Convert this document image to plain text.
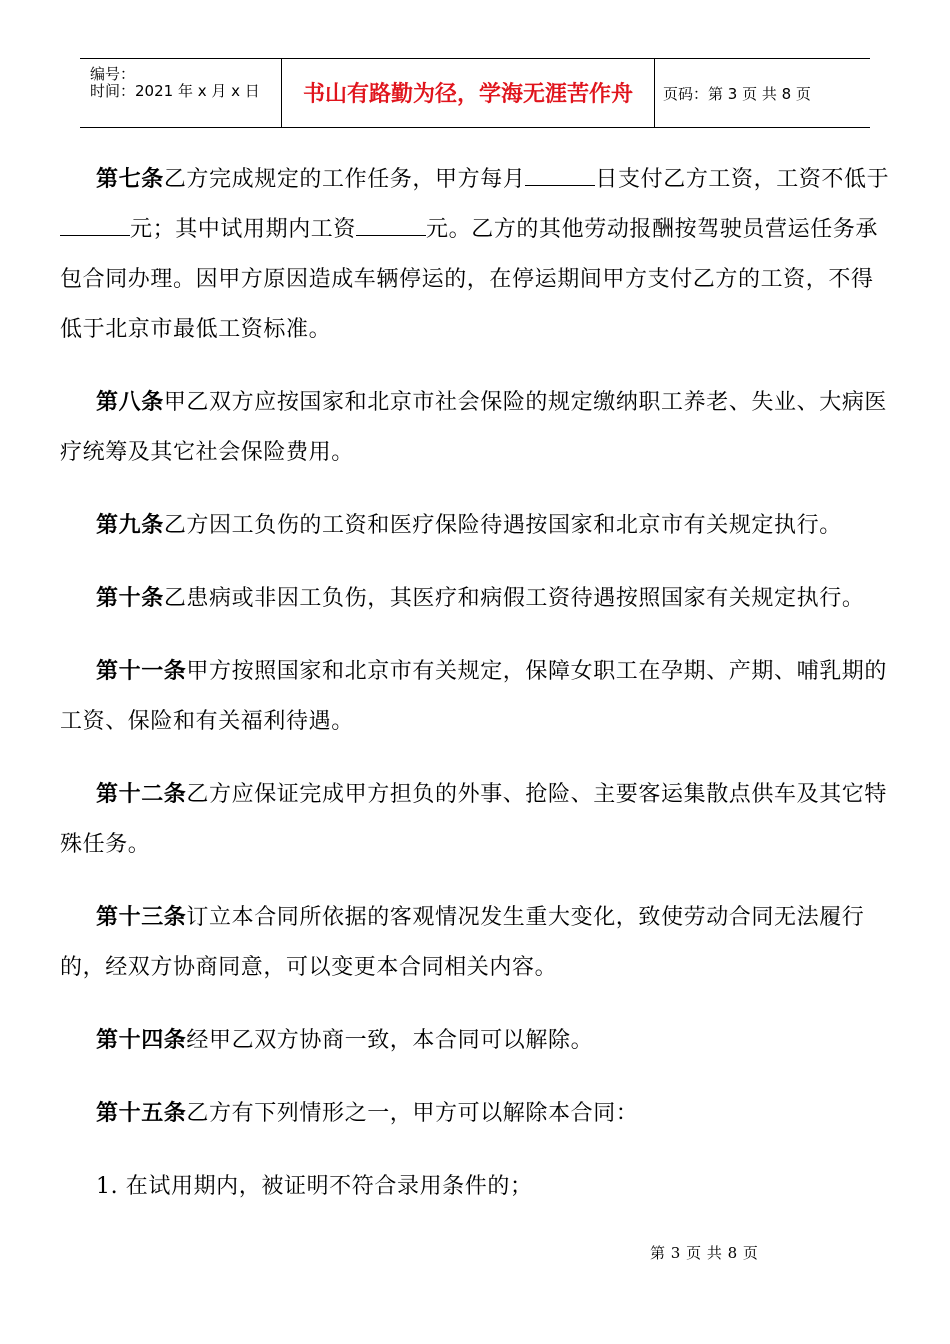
编号：
时间：2021 年 x 月 x 日	书山有路勤为径，学海无涯苦作舟	页码：第 3 页 共 8 页

第七条乙方完成规定的工作任务，甲方每月	日支付乙方工资，工资不低于元；其中试用期内工资	元。乙方的其他劳动报酬按驾驶员营运任务承包合同办理。因甲方原因造成车辆停运的，在停运期间甲方支付乙方的工资，不得低于北京市最低工资标准。

第八条甲乙双方应按国家和北京市社会保险的规定缴纳职工养老、失业、大病医疗统筹及其它社会保险费用。

第九条乙方因工负伤的工资和医疗保险待遇按国家和北京市有关规定执行。

第十条乙患病或非因工负伤，其医疗和病假工资待遇按照国家有关规定执行。

第十一条甲方按照国家和北京市有关规定，保障女职工在孕期、产期、哺乳期的工资、保险和有关福利待遇。

第十二条乙方应保证完成甲方担负的外事、抢险、主要客运集散点供车及其它特殊任务。

第十三条订立本合同所依据的客观情况发生重大变化，致使劳动合同无法履行的，经双方协商同意，可以变更本合同相关内容。

第十四条经甲乙双方协商一致，本合同可以解除。

第十五条乙方有下列情形之一，甲方可以解除本合同：

1. 在试用期内，被证明不符合录用条件的；

第 3 页 共 8 页
